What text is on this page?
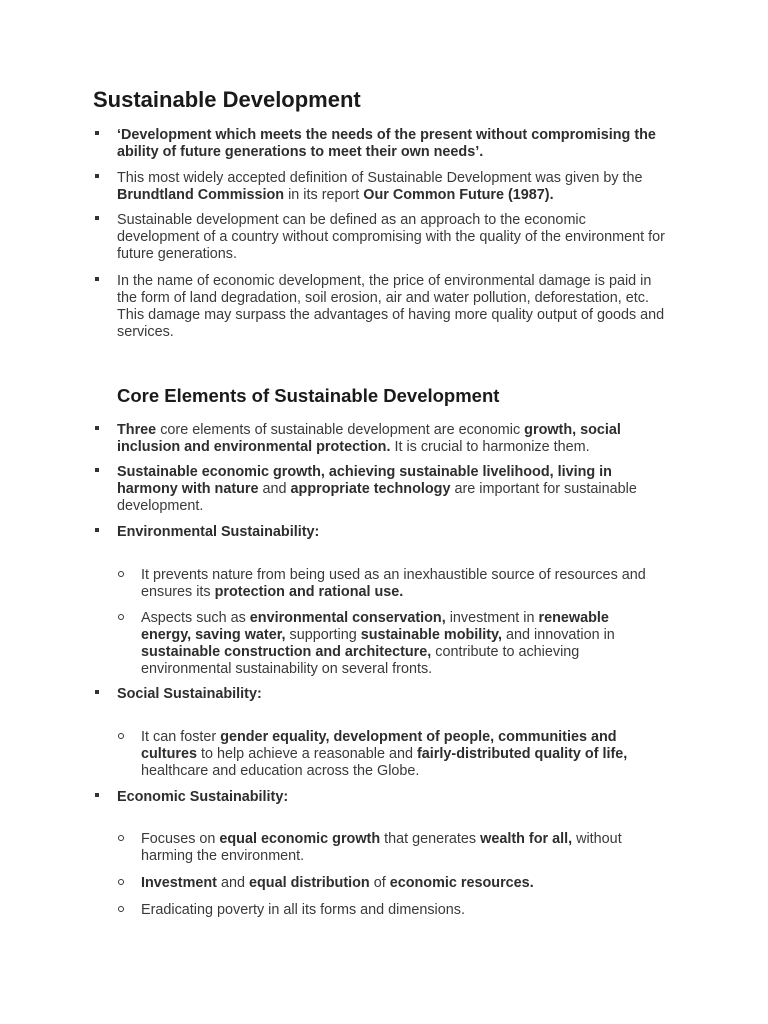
Sustainable Development
‘Development which meets the needs of the present without compromising the ability of future generations to meet their own needs’.
This most widely accepted definition of Sustainable Development was given by the Brundtland Commission in its report Our Common Future (1987).
Sustainable development can be defined as an approach to the economic development of a country without compromising with the quality of the environment for future generations.
In the name of economic development, the price of environmental damage is paid in the form of land degradation, soil erosion, air and water pollution, deforestation, etc. This damage may surpass the advantages of having more quality output of goods and services.
Core Elements of Sustainable Development
Three core elements of sustainable development are economic growth, social inclusion and environmental protection. It is crucial to harmonize them.
Sustainable economic growth, achieving sustainable livelihood, living in harmony with nature and appropriate technology are important for sustainable development.
Environmental Sustainability:
It prevents nature from being used as an inexhaustible source of resources and ensures its protection and rational use.
Aspects such as environmental conservation, investment in renewable energy, saving water, supporting sustainable mobility, and innovation in sustainable construction and architecture, contribute to achieving environmental sustainability on several fronts.
Social Sustainability:
It can foster gender equality, development of people, communities and cultures to help achieve a reasonable and fairly-distributed quality of life, healthcare and education across the Globe.
Economic Sustainability:
Focuses on equal economic growth that generates wealth for all, without harming the environment.
Investment and equal distribution of economic resources.
Eradicating poverty in all its forms and dimensions.
